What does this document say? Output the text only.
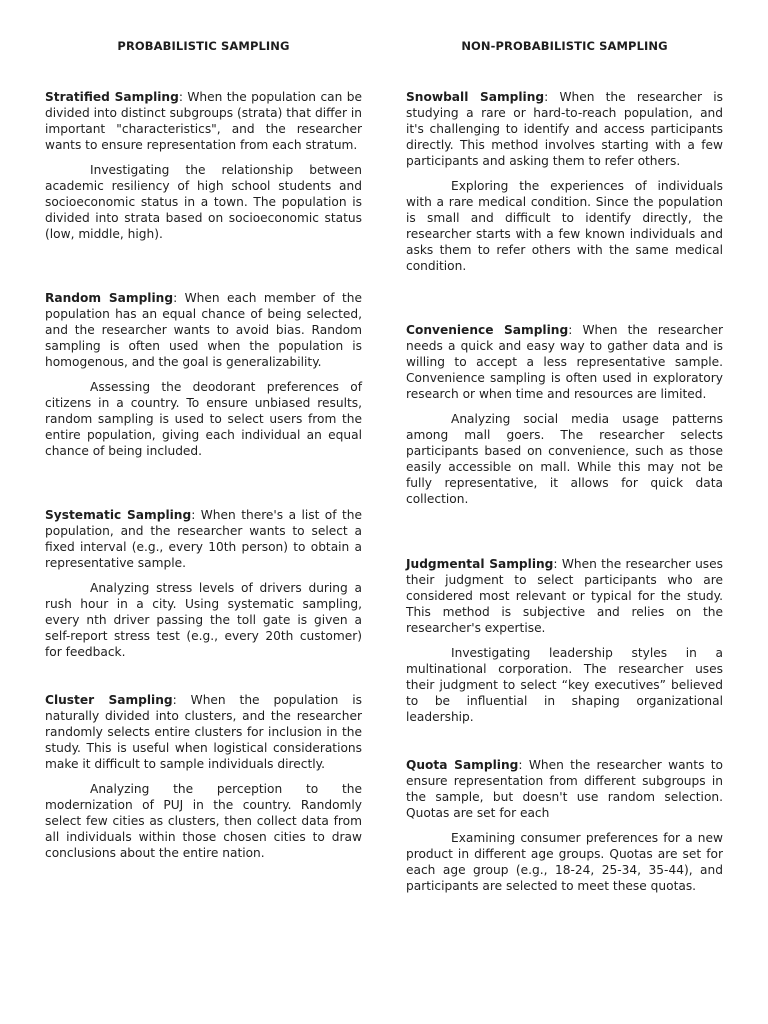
PROBABILISTIC SAMPLING

Stratified Sampling: When the population can be divided into distinct subgroups (strata) that differ in important "characteristics", and the researcher wants to ensure representation from each stratum.

Investigating the relationship between academic resiliency of high school students and socioeconomic status in a town. The population is divided into strata based on socioeconomic status (low, middle, high).

Random Sampling: When each member of the population has an equal chance of being selected, and the researcher wants to avoid bias. Random sampling is often used when the population is homogenous, and the goal is generalizability.

Assessing the deodorant preferences of citizens in a country. To ensure unbiased results, random sampling is used to select users from the entire population, giving each individual an equal chance of being included.

Systematic Sampling: When there's a list of the population, and the researcher wants to select a fixed interval (e.g., every 10th person) to obtain a representative sample.

Analyzing stress levels of drivers during a rush hour in a city. Using systematic sampling, every nth driver passing the toll gate is given a self-report stress test (e.g., every 20th customer) for feedback.

Cluster Sampling: When the population is naturally divided into clusters, and the researcher randomly selects entire clusters for inclusion in the study. This is useful when logistical considerations make it difficult to sample individuals directly.

Analyzing the perception to the modernization of PUJ in the country. Randomly select few cities as clusters, then collect data from all individuals within those chosen cities to draw conclusions about the entire nation.

NON-PROBABILISTIC SAMPLING

Snowball Sampling: When the researcher is studying a rare or hard-to-reach population, and it's challenging to identify and access participants directly. This method involves starting with a few participants and asking them to refer others.

Exploring the experiences of individuals with a rare medical condition. Since the population is small and difficult to identify directly, the researcher starts with a few known individuals and asks them to refer others with the same medical condition.

Convenience Sampling: When the researcher needs a quick and easy way to gather data and is willing to accept a less representative sample. Convenience sampling is often used in exploratory research or when time and resources are limited.

Analyzing social media usage patterns among mall goers. The researcher selects participants based on convenience, such as those easily accessible on mall. While this may not be fully representative, it allows for quick data collection.

Judgmental Sampling: When the researcher uses their judgment to select participants who are considered most relevant or typical for the study. This method is subjective and relies on the researcher's expertise.

Investigating leadership styles in a multinational corporation. The researcher uses their judgment to select “key executives” believed to be influential in shaping organizational leadership.

Quota Sampling: When the researcher wants to ensure representation from different subgroups in the sample, but doesn't use random selection. Quotas are set for each

Examining consumer preferences for a new product in different age groups. Quotas are set for each age group (e.g., 18-24, 25-34, 35-44), and participants are selected to meet these quotas.
